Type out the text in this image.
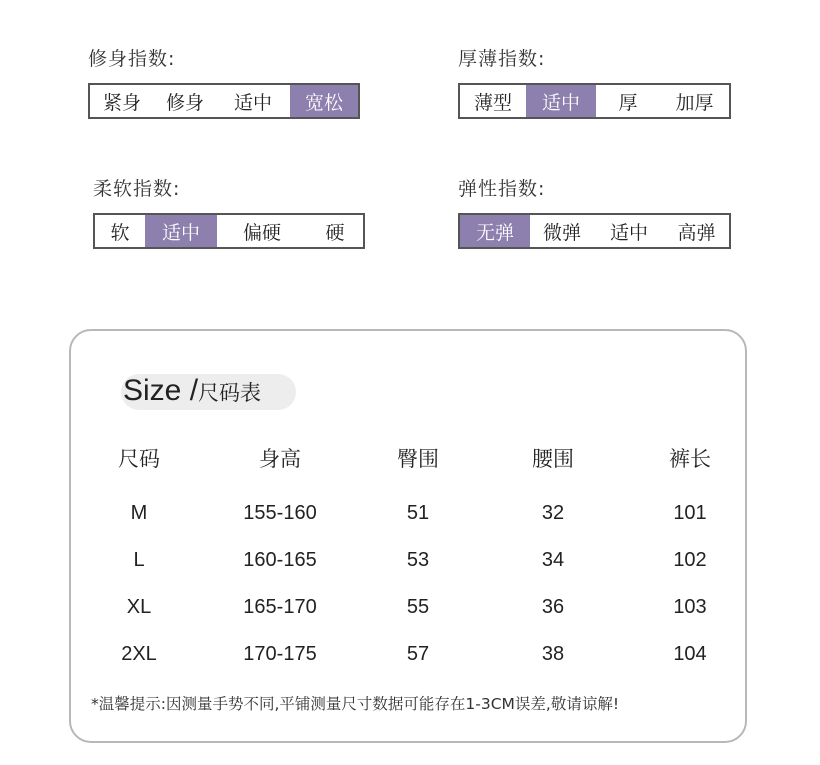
修身指数:
紧身	修身	适中	宽松
厚薄指数:
薄型	适中	厚	加厚
柔软指数:
软	适中	偏硬	硬
弹性指数:
无弹	微弹	适中	高弹
Size /尺码表
尺码	身高	臀围	腰围	裤长
M	155-160	51	32	101
L	160-165	53	34	102
XL	165-170	55	36	103
2XL	170-175	57	38	104
*温馨提示:因测量手势不同,平铺测量尺寸数据可能存在1-3CM误差,敬请谅解!
